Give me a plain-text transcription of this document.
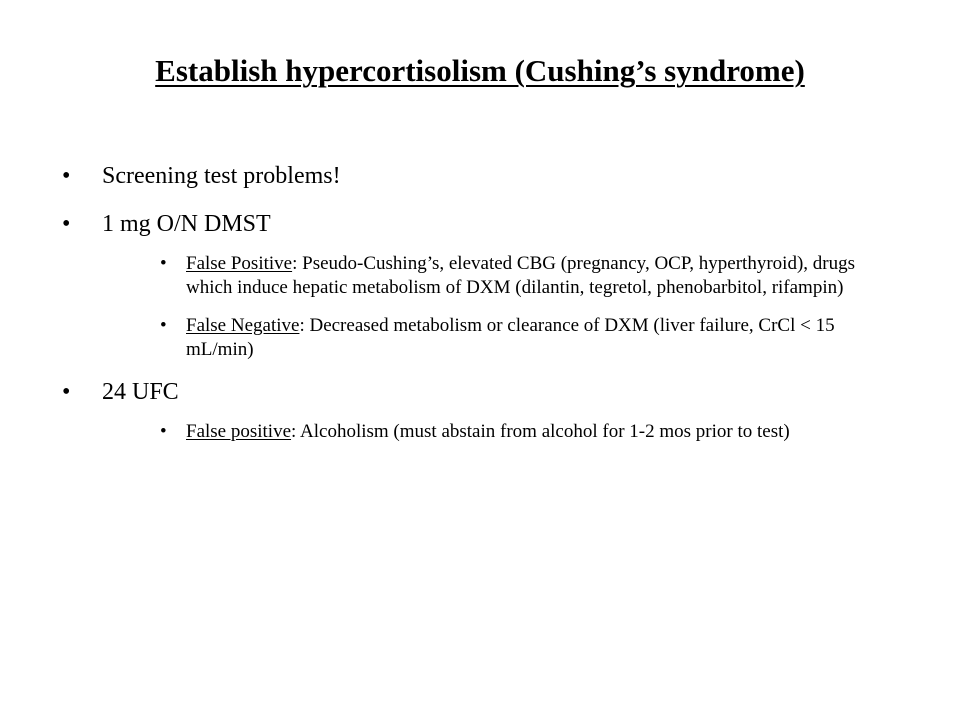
Establish hypercortisolism (Cushing’s syndrome)
•	Screening test problems!
•	1 mg O/N DMST
• False Positive: Pseudo-Cushing’s, elevated CBG (pregnancy, OCP, hyperthyroid), drugs which induce hepatic metabolism of DXM (dilantin, tegretol, phenobarbitol, rifampin)
• False Negative: Decreased metabolism or clearance of DXM (liver failure, CrCl < 15 mL/min)
•	24 UFC
• False positive: Alcoholism (must abstain from alcohol for 1-2 mos prior to test)
